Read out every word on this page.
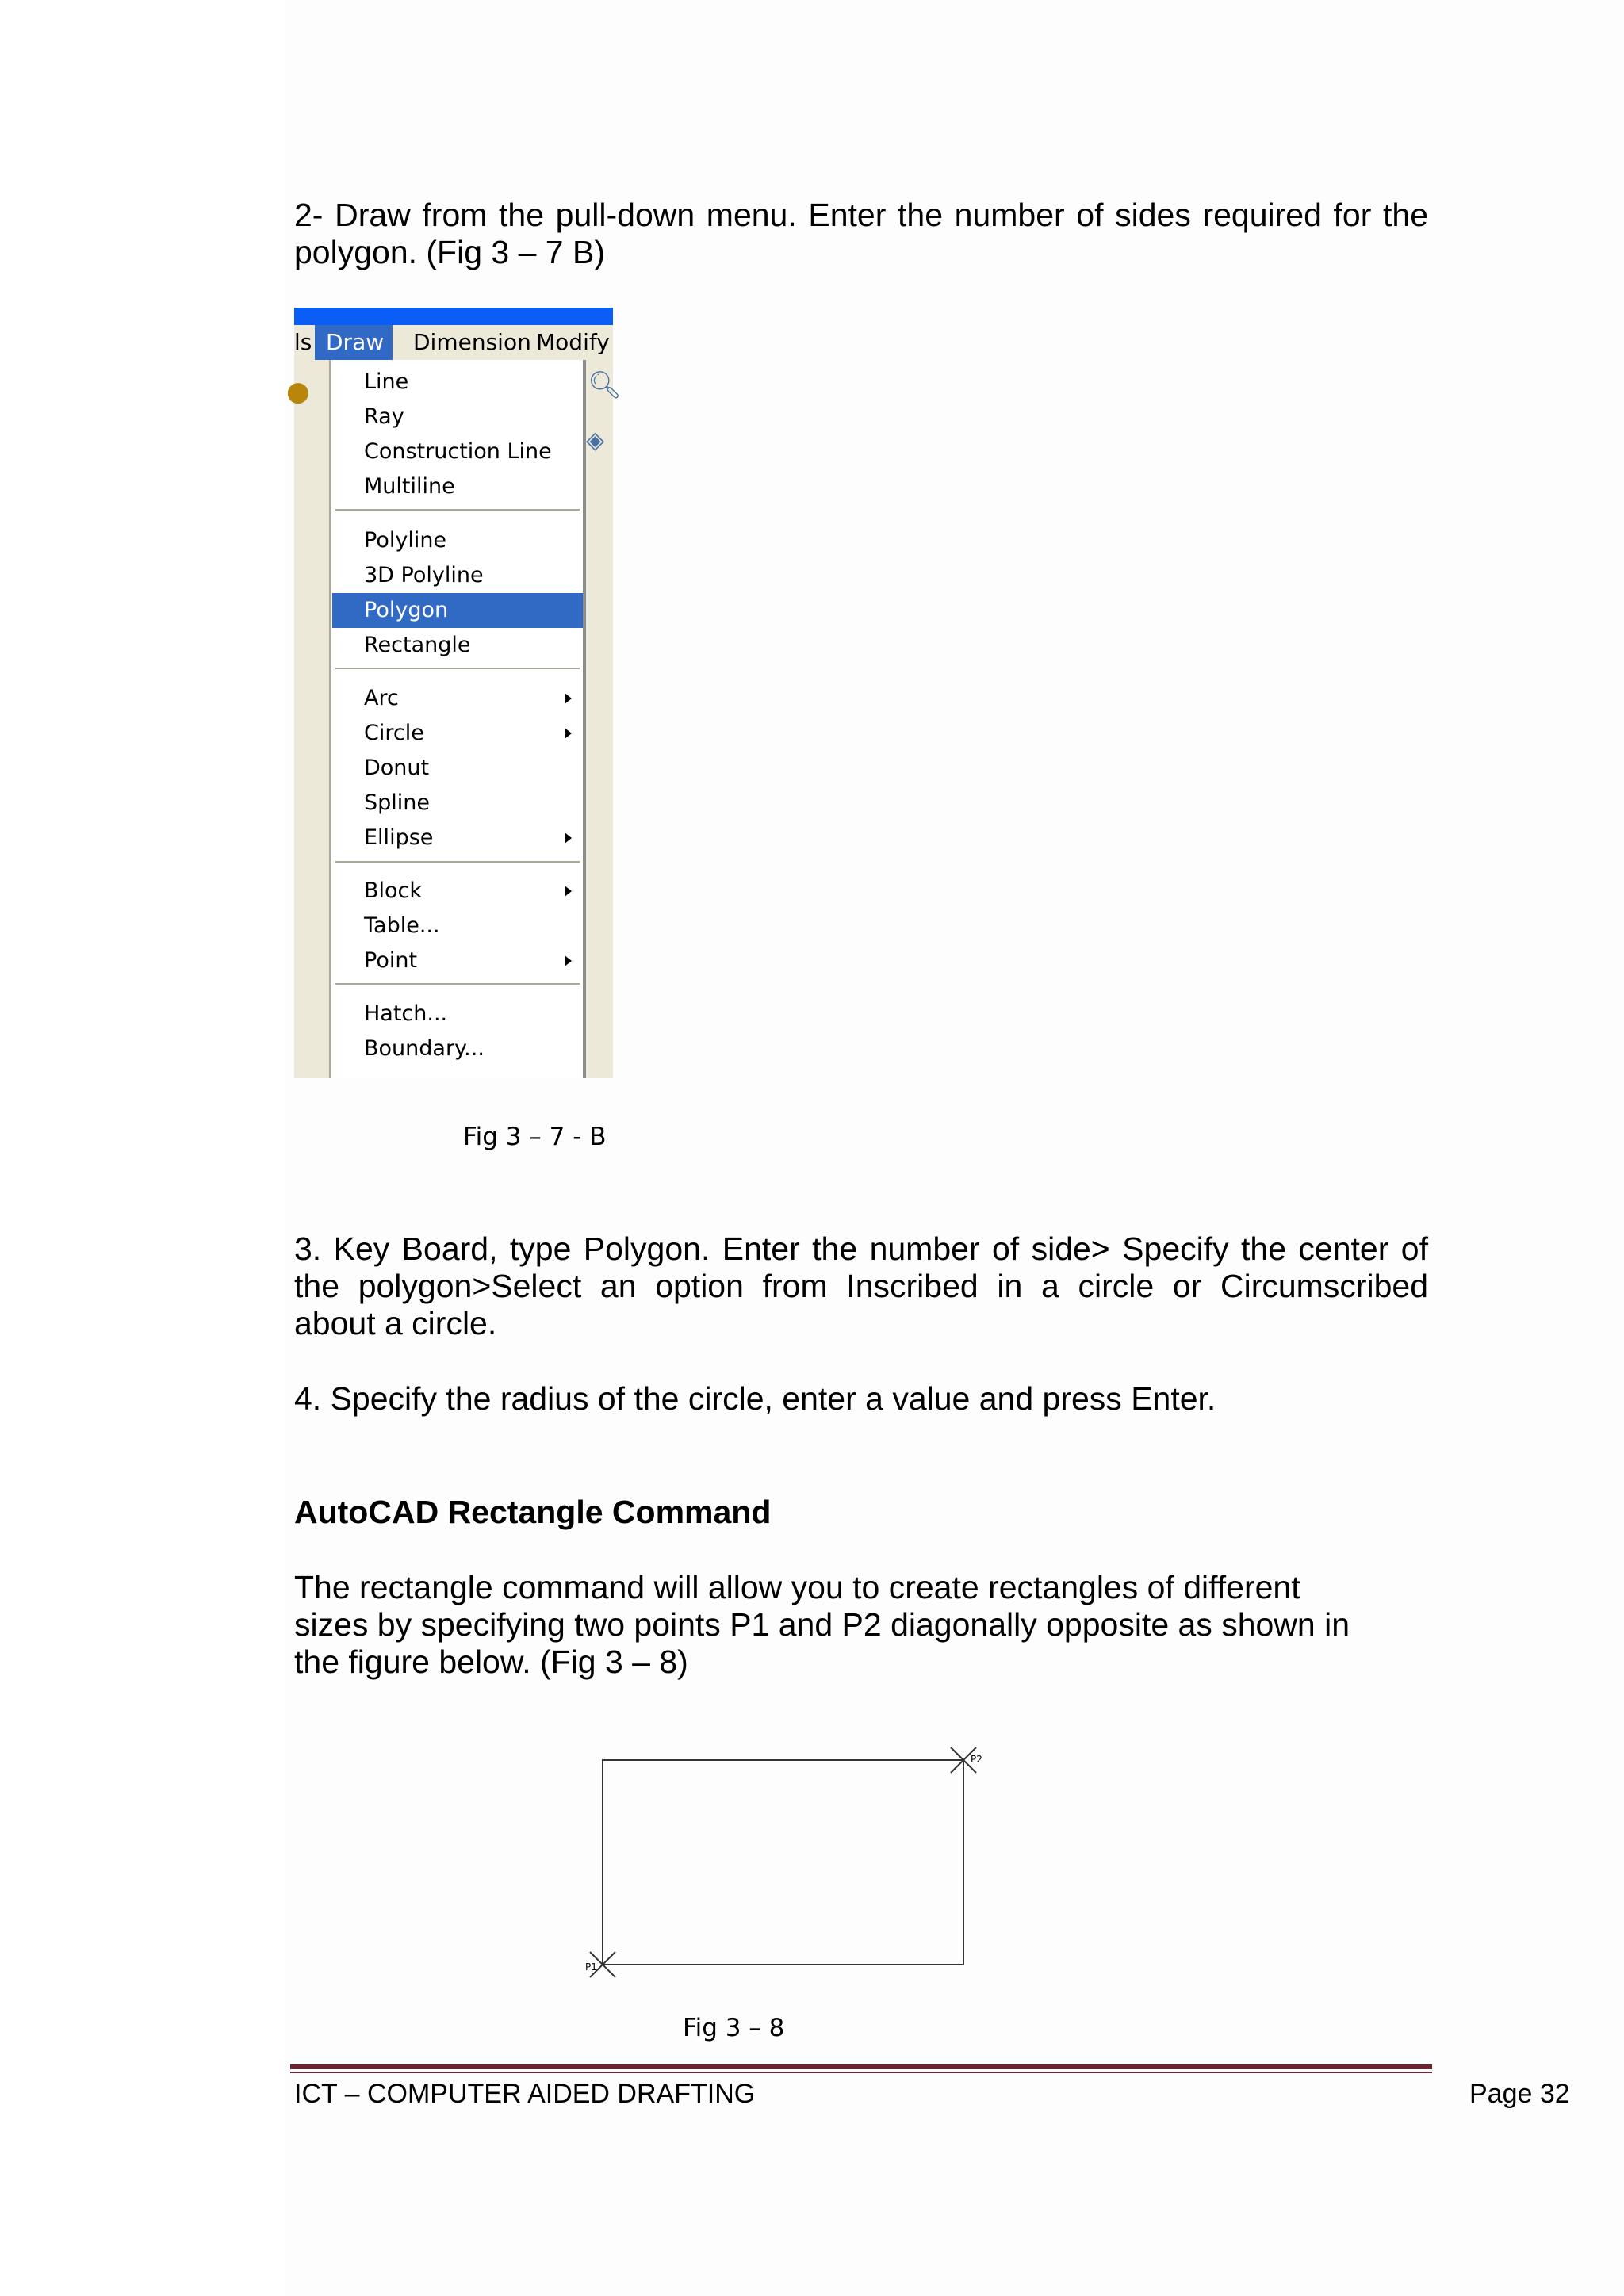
2- Draw from the pull-down menu. Enter the number of sides required for the polygon. (Fig 3 – 7 B)
ls Draw	Dimension Modify
●	🔍︎
◈
Line
Ray
Construction Line
Multiline
Polyline
3D Polyline
Polygon
Rectangle
Arc
Circle
Donut
Spline
Ellipse
Block
Table...
Point
Hatch...
Boundary...
Fig 3 – 7 - B
3. Key Board, type Polygon. Enter the number of side> Specify the center of
the polygon>Select an option from Inscribed in a circle or Circumscribed
about a circle.
4. Specify the radius of the circle, enter a value and press Enter.
AutoCAD Rectangle Command
The rectangle command will allow you to create rectangles of different
sizes by specifying two points P1 and P2 diagonally opposite as shown in
the figure below. (Fig 3 – 8)
P1
P2
Fig 3 – 8
ICT – COMPUTER AIDED DRAFTING	Page 32
